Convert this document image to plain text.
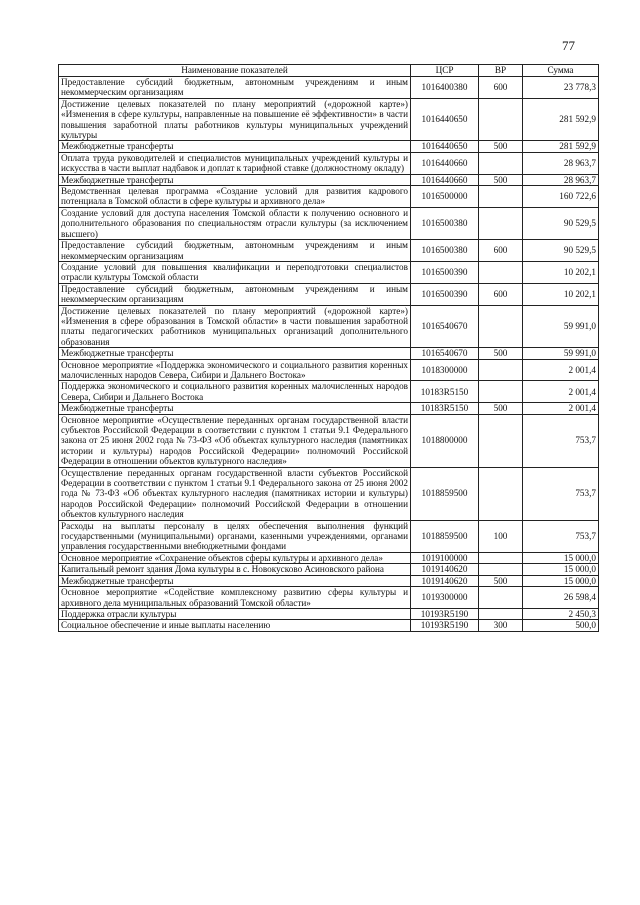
77
Наименование показателей	ЦСР	ВР	Сумма
Предоставление субсидий бюджетным, автономным учреждениям и иным некоммерческим организациям	1016400380	600	23 778,3
Достижение целевых показателей по плану мероприятий («дорожной карте») «Изменения в сфере культуры, направленные на повышение её эффективности» в части повышения заработной платы работников культуры муниципальных учреждений культуры	1016440650		281 592,9
Межбюджетные трансферты	1016440650	500	281 592,9
Оплата труда руководителей и специалистов муниципальных учреждений культуры и искусства в части выплат надбавок и доплат к тарифной ставке (должностному окладу)	1016440660		28 963,7
Межбюджетные трансферты	1016440660	500	28 963,7
Ведомственная целевая программа «Создание условий для развития кадрового потенциала в Томской области в сфере культуры и архивного дела»	1016500000		160 722,6
Создание условий для доступа населения Томской области к получению основного и дополнительного образования по специальностям отрасли культуры (за исключением высшего)	1016500380		90 529,5
Предоставление субсидий бюджетным, автономным учреждениям и иным некоммерческим организациям	1016500380	600	90 529,5
Создание условий для повышения квалификации и переподготовки специалистов отрасли культуры Томской области	1016500390		10 202,1
Предоставление субсидий бюджетным, автономным учреждениям и иным некоммерческим организациям	1016500390	600	10 202,1
Достижение целевых показателей по плану мероприятий («дорожной карте») «Изменения в сфере образования в Томской области» в части повышения заработной платы педагогических работников муниципальных организаций дополнительного образования	1016540670		59 991,0
Межбюджетные трансферты	1016540670	500	59 991,0
Основное мероприятие «Поддержка экономического и социального развития коренных малочисленных народов Севера, Сибири и Дальнего Востока»	1018300000		2 001,4
Поддержка экономического и социального развития коренных малочисленных народов Севера, Сибири и Дальнего Востока	10183R5150		2 001,4
Межбюджетные трансферты	10183R5150	500	2 001,4
Основное мероприятие «Осуществление переданных органам государственной власти субъектов Российской Федерации в соответствии с пунктом 1 статьи 9.1 Федерального закона от 25 июня 2002 года № 73-ФЗ «Об объектах культурного наследия (памятниках истории и культуры) народов Российской Федерации» полномочий Российской Федерации в отношении объектов культурного наследия»	1018800000		753,7
Осуществление переданных органам государственной власти субъектов Российской Федерации в соответствии с пунктом 1 статьи 9.1 Федерального закона от 25 июня 2002 года № 73-ФЗ «Об объектах культурного наследия (памятниках истории и культуры) народов Российской Федерации» полномочий Российской Федерации в отношении объектов культурного наследия	1018859500		753,7
Расходы на выплаты персоналу в целях обеспечения выполнения функций государственными (муниципальными) органами, казенными учреждениями, органами управления государственными внебюджетными фондами	1018859500	100	753,7
Основное мероприятие «Сохранение объектов сферы культуры и архивного дела»	1019100000		15 000,0
Капитальный ремонт здания Дома культуры в с. Новокусково Асиновского района	1019140620		15 000,0
Межбюджетные трансферты	1019140620	500	15 000,0
Основное мероприятие «Содействие комплексному развитию сферы культуры и архивного дела муниципальных образований Томской области»	1019300000		26 598,4
Поддержка отрасли культуры	10193R5190		2 450,3
Социальное обеспечение и иные выплаты населению	10193R5190	300	500,0
